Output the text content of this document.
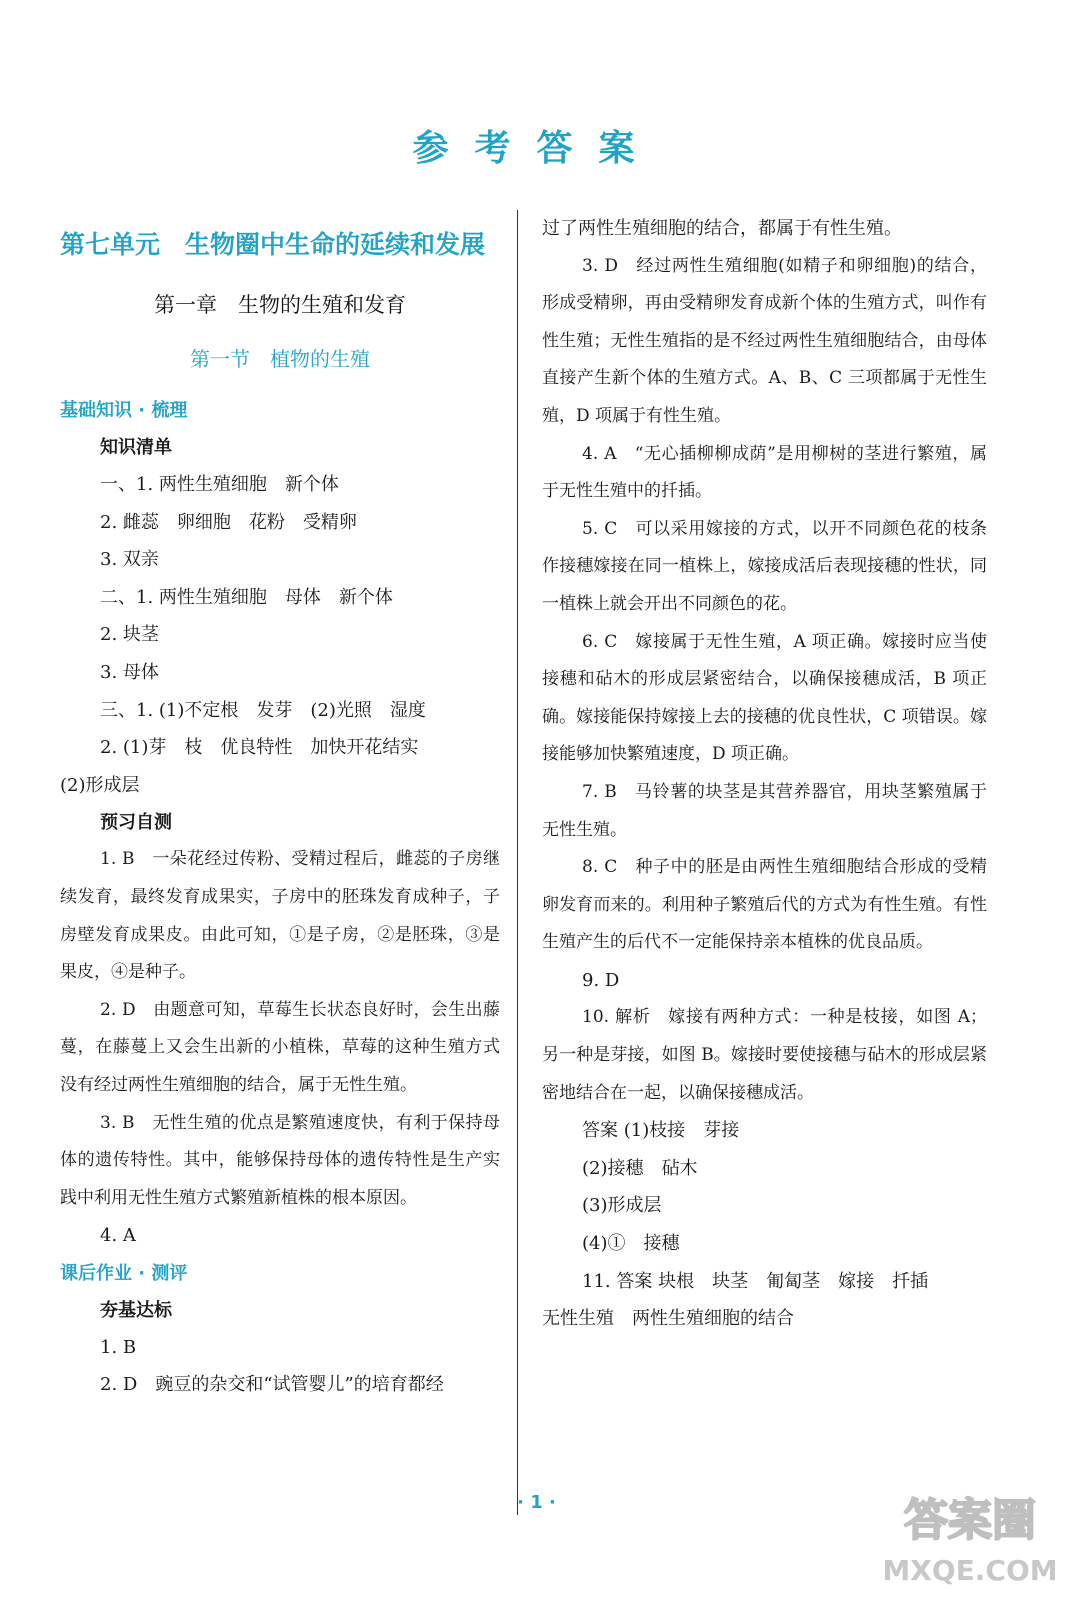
参考答案
第七单元　生物圈中生命的延续和发展
第一章　生物的生殖和发育
第一节　植物的生殖
基础知识 · 梳理
知识清单
一、1. 两性生殖细胞　新个体
2. 雌蕊　卵细胞　花粉　受精卵
3. 双亲
二、1. 两性生殖细胞　母体　新个体
2. 块茎
3. 母体
三、1. (1)不定根　发芽　(2)光照　湿度
2. (1)芽　枝　优良特性　加快开花结实
(2)形成层
预习自测

1. B　一朵花经过传粉、受精过程后，雌蕊的子房继续发育，最终发育成果实，子房中的胚珠发育成种子，子房壁发育成果皮。由此可知，①是子房，②是胚珠，③是果皮，④是种子。

2. D　由题意可知，草莓生长状态良好时，会生出藤蔓，在藤蔓上又会生出新的小植株，草莓的这种生殖方式没有经过两性生殖细胞的结合，属于无性生殖。

3. B　无性生殖的优点是繁殖速度快，有利于保持母体的遗传特性。其中，能够保持母体的遗传特性是生产实践中利用无性生殖方式繁殖新植株的根本原因。

4. A
课后作业 · 测评
夯基达标
1. B
2. D　豌豆的杂交和“试管婴儿”的培育都经
过了两性生殖细胞的结合，都属于有性生殖。

3. D　经过两性生殖细胞(如精子和卵细胞)的结合，形成受精卵，再由受精卵发育成新个体的生殖方式，叫作有性生殖；无性生殖指的是不经过两性生殖细胞结合，由母体直接产生新个体的生殖方式。A、B、C 三项都属于无性生殖，D 项属于有性生殖。

4. A　“无心插柳柳成荫”是用柳树的茎进行繁殖，属于无性生殖中的扦插。

5. C　可以采用嫁接的方式，以开不同颜色花的枝条作接穗嫁接在同一植株上，嫁接成活后表现接穗的性状，同一植株上就会开出不同颜色的花。

6. C　嫁接属于无性生殖，A 项正确。嫁接时应当使接穗和砧木的形成层紧密结合，以确保接穗成活，B 项正确。嫁接能保持嫁接上去的接穗的优良性状，C 项错误。嫁接能够加快繁殖速度，D 项正确。

7. B　马铃薯的块茎是其营养器官，用块茎繁殖属于无性生殖。

8. C　种子中的胚是由两性生殖细胞结合形成的受精卵发育而来的。利用种子繁殖后代的方式为有性生殖。有性生殖产生的后代不一定能保持亲本植株的优良品质。

9. D

10. 解析　嫁接有两种方式：一种是枝接，如图 A；另一种是芽接，如图 B。嫁接时要使接穗与砧木的形成层紧密地结合在一起，以确保接穗成活。

答案 (1)枝接　芽接
(2)接穗　砧木
(3)形成层
(4)①　接穗
11. 答案 块根　块茎　匍匐茎　嫁接　扦插
无性生殖　两性生殖细胞的结合
· 1 ·	答案圈
MXQE.COM
